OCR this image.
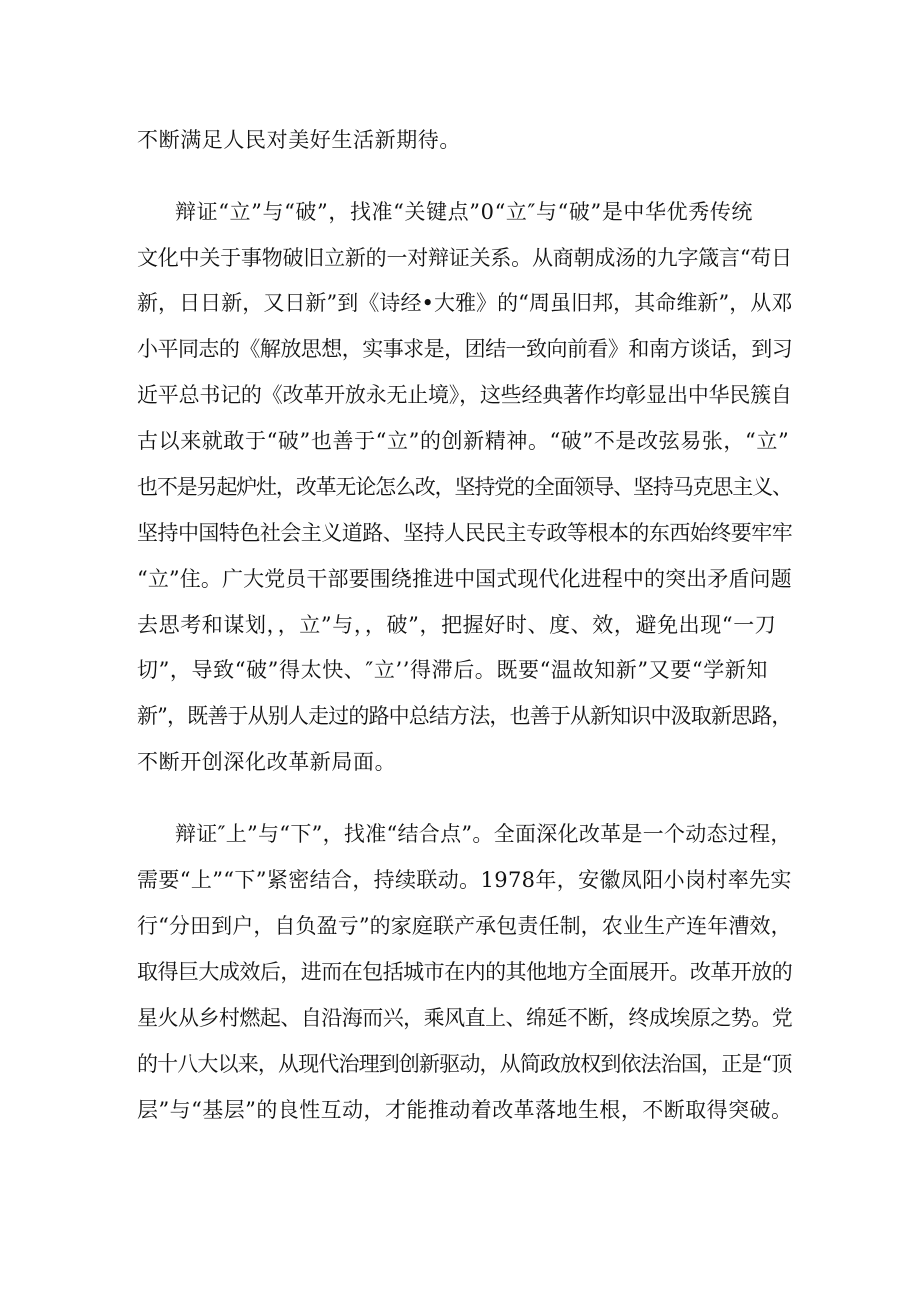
不断满足人民对美好生活新期待。
辩证“立”与“破”，找准“关键点”0“立″与“破”是中华优秀传统
文化中关于事物破旧立新的一对辩证关系。从商朝成汤的九字箴言“苟日
新，日日新，又日新”到《诗经•大雅》的“周虽旧邦，其命维新”，从邓
小平同志的《解放思想，实事求是，团结一致向前看》和南方谈话，到习
近平总书记的《改革开放永无止境》，这些经典著作均彰显出中华民簇自
古以来就敢于“破”也善于“立”的创新精神。“破”不是改弦易张，“立”
也不是另起炉灶，改革无论怎么改，坚持党的全面领导、坚持马克思主义、
坚持中国特色社会主义道路、坚持人民民主专政等根本的东西始终要牢牢
“立”住。广大党员干部要围绕推进中国式现代化进程中的突出矛盾问题
去思考和谋划，，立”与，，破”，把握好时、度、效，避免出现“一刀
切”，导致“破”得太快、″立’’得滞后。既要“温故知新”又要“学新知
新”，既善于从别人走过的路中总结方法，也善于从新知识中汲取新思路，
不断开创深化改革新局面。
辩证″上”与“下”，找准“结合点”。全面深化改革是一个动态过程，
需要“上”“下”紧密结合，持续联动。1978年，安徽凤阳小岗村率先实
行“分田到户，自负盈亏”的家庭联产承包责任制，农业生产连年漕效，
取得巨大成效后，进而在包括城市在内的其他地方全面展开。改革开放的
星火从乡村燃起、自沿海而兴，乘风直上、绵延不断，终成埃原之势。党
的十八大以来，从现代治理到创新驱动，从简政放权到依法治国，正是“顶
层”与“基层”的良性互动，才能推动着改革落地生根，不断取得突破。
